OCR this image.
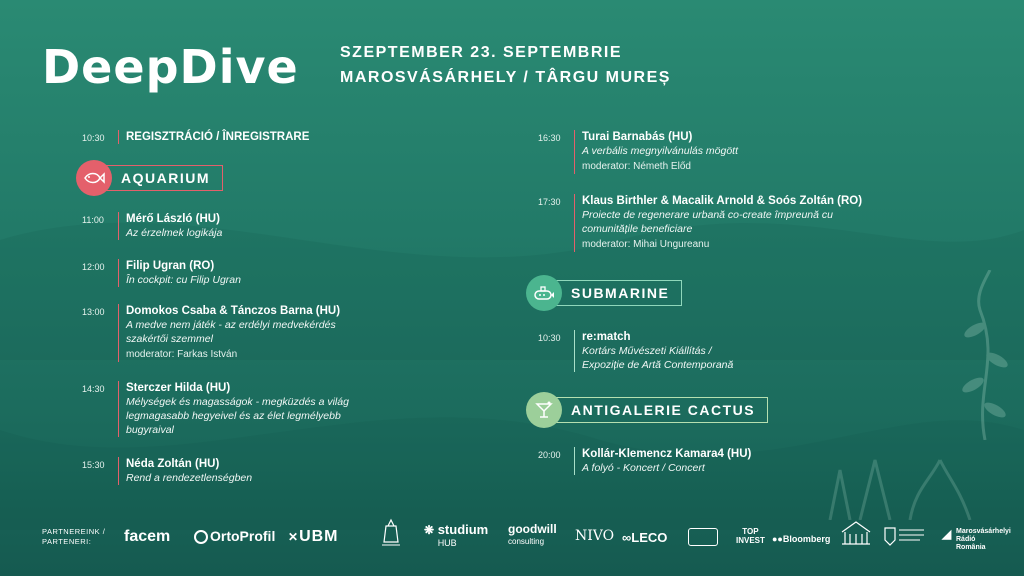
DeepDive	SZEPTEMBER 23. SEPTEMBRIE
MAROSVÁSÁRHELY / TÂRGU MUREȘ
10:30	REGISZTRÁCIÓ / ÎNREGISTRARE
AQUARIUM
11:00	Mérő László (HU)
Az érzelmek logikája
12:00	Filip Ugran (RO)
În cockpit: cu Filip Ugran
13:00	Domokos Csaba & Tánczos Barna (HU)
A medve nem játék - az erdélyi medvekérdés
szakértői szemmel
moderator: Farkas István
14:30	Sterczer Hilda (HU)
Mélységek és magasságok - megküzdés a világ
legmagasabb hegyeivel és az élet legmélyebb
bugyraival
15:30	Néda Zoltán (HU)
Rend a rendezetlenségben
16:30	Turai Barnabás (HU)
A verbális megnyilvánulás mögött
moderator: Németh Előd
17:30	Klaus Birthler & Macalik Arnold & Soós Zoltán (RO)
Proiecte de regenerare urbană co-create împreună cu
comunitățile beneficiare
moderator: Mihai Ungureanu
SUBMARINE
10:30	re:match
Kortárs Művészeti Kiállítás /
Expoziție de Artă Contemporană
ANTIGALERIE CACTUS
20:00	Kollár-Klemencz Kamara4 (HU)
A folyó - Koncert / Concert
PARTNEREINK /
PARTENERI:	facem	OrtoProfil ✕UBM	❋ studium
HUB
goodwill
consulting	NIVO ∞LECO	TOP
INVEST ●●Bloomberg	◢ Marosvásárhelyi
Rádió
România
